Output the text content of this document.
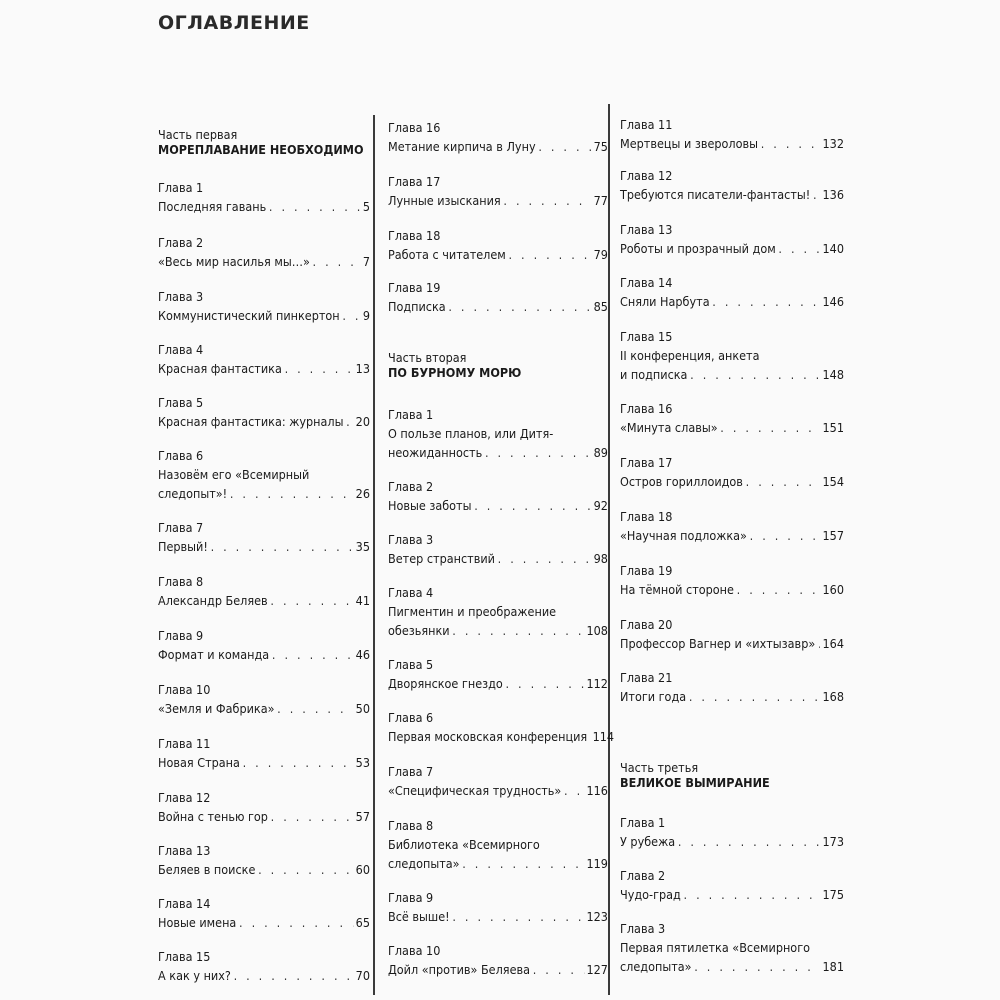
ОГЛАВЛЕНИЕ
Часть первая
МОРЕПЛАВАНИЕ НЕОБХОДИМО
Глава 1
Последняя гавань . . .	5
Глава 2
«Весь мир насилья мы…» . . .	7
Глава 3
Коммунистический пинкертон . . . 9
Глава 4
Красная фантастика . . .	13
Глава 5
Красная фантастика: журналы . . . 20
Глава 6
Назовём его «Всемирный
следопыт»! . . .	26
Глава 7
Первый! . . .	35
Глава 8
Александр Беляев . . .	41
Глава 9
Формат и команда . . .	46
Глава 10
«Земля и Фабрика» . . .	50
Глава 11
Новая Страна . . .	53
Глава 12
Война с тенью гор . . .	57
Глава 13
Беляев в поиске . . .	60
Глава 14
Новые имена . . .	65
Глава 15
А как у них? . . .	70
Глава 16
Метание кирпича в Луну . . .	75
Глава 17
Лунные изыскания . . .	77
Глава 18
Работа с читателем . . .	79
Глава 19
Подписка . . .	85
Часть вторая
ПО БУРНОМУ МОРЮ
Глава 1
О пользе планов, или Дитя-
неожиданность . . .	89
Глава 2
Новые заботы . . .	92
Глава 3
Ветер странствий . . .	98
Глава 4
Пигментин и преображение
обезьянки . . .	108
Глава 5
Дворянское гнездо . . .	112
Глава 6
Первая московская конференция 114
Глава 7
«Специфическая трудность» . . . 116
Глава 8
Библиотека «Всемирного
следопыта» . . .	119
Глава 9
Всё выше! . . .	123
Глава 10
Дойл «против» Беляева . . .	127
Глава 11
Мертвецы и звероловы . . .	132
Глава 12
Требуются писатели-фантасты! . . . 136
Глава 13
Роботы и прозрачный дом . . .	140
Глава 14
Сняли Нарбута . . .	146
Глава 15
II конференция, анкета
и подписка . . .	148
Глава 16
«Минута славы» . . .	151
Глава 17
Остров гориллоидов . . .	154
Глава 18
«Научная подложка» . . .	157
Глава 19
На тёмной стороне . . .	160
Глава 20
Профессор Вагнер и «ихтызавр» . . . 164
Глава 21
Итоги года . . .	168
Часть третья
ВЕЛИКОЕ ВЫМИРАНИЕ
Глава 1
У рубежа . . .	173
Глава 2
Чудо-град . . .	175
Глава 3
Первая пятилетка «Всемирного
следопыта» . . .	181
